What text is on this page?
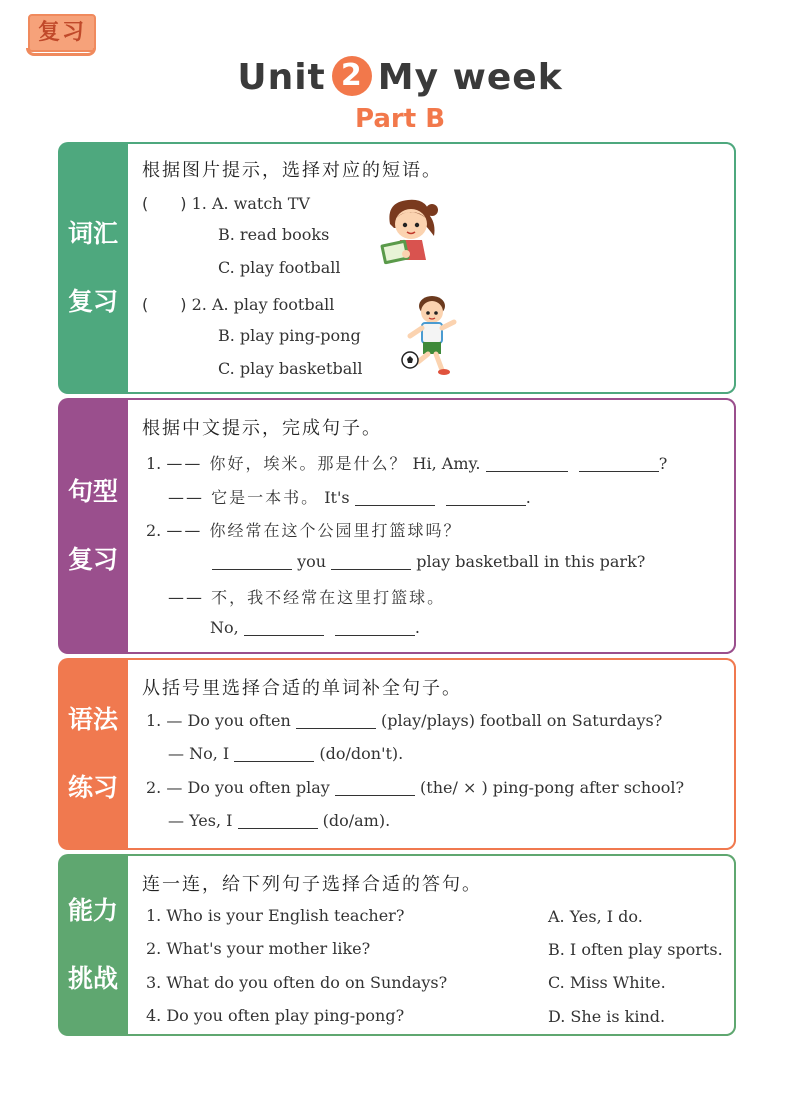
复习
Unit 2 My week
Part B
词汇

复习
根据图片提示，选择对应的短语。
(　　) 1. A. watch TV
B. read books
C. play football
(　　) 2. A. play football
B. play ping-pong
C. play basketball
句型

复习
根据中文提示，完成句子。
1. —— 你好，埃米。那是什么？ Hi, Amy.	?
—— 它是一本书。 It's	.
2. —— 你经常在这个公园里打篮球吗？
you	play basketball in this park?
—— 不，我不经常在这里打篮球。
No,	.
语法

练习
从括号里选择合适的单词补全句子。
1. — Do you often	(play/plays) football on Saturdays?
— No, I	(do/don't).
2. — Do you often play	(the/ × ) ping-pong after school?
— Yes, I	(do/am).
能力

挑战
连一连，给下列句子选择合适的答句。
1. Who is your English teacher?
2. What's your mother like?
3. What do you often do on Sundays?
4. Do you often play ping-pong?
A. Yes, I do.
B. I often play sports.
C. Miss White.
D. She is kind.
